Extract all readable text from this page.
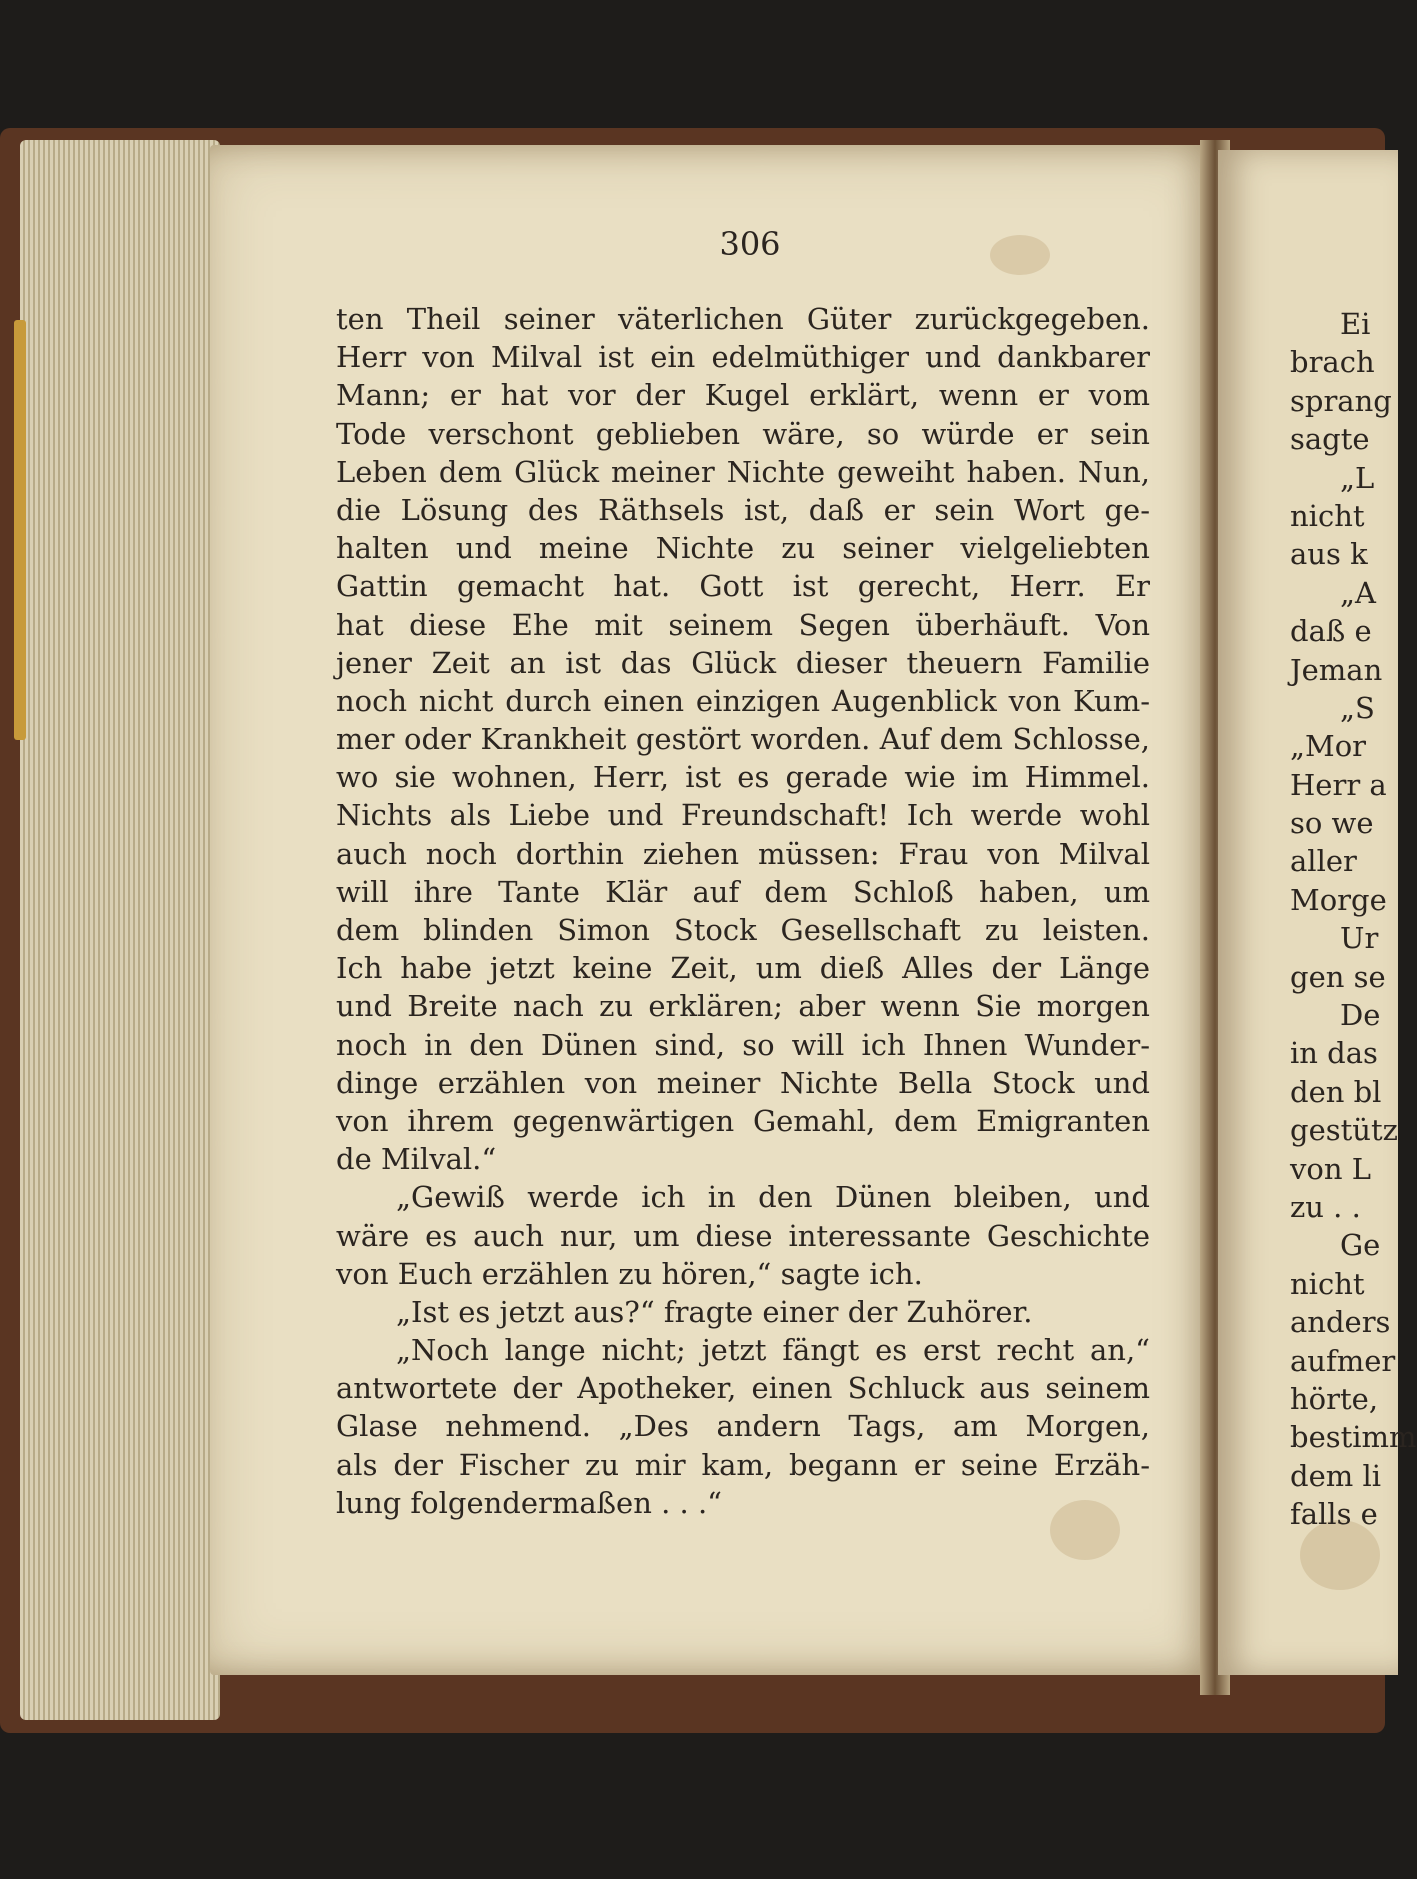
306
ten Theil seiner väterlichen Güter zurückgegeben.
Herr von Milval ist ein edelmüthiger und dankbarer
Mann; er hat vor der Kugel erklärt, wenn er vom
Tode verschont geblieben wäre, so würde er sein
Leben dem Glück meiner Nichte geweiht haben. Nun,
die Lösung des Räthsels ist, daß er sein Wort ge-
halten und meine Nichte zu seiner vielgeliebten
Gattin gemacht hat. Gott ist gerecht, Herr. Er
hat diese Ehe mit seinem Segen überhäuft. Von
jener Zeit an ist das Glück dieser theuern Familie
noch nicht durch einen einzigen Augenblick von Kum-
mer oder Krankheit gestört worden. Auf dem Schlosse,
wo sie wohnen, Herr, ist es gerade wie im Himmel.
Nichts als Liebe und Freundschaft! Ich werde wohl
auch noch dorthin ziehen müssen: Frau von Milval
will ihre Tante Klär auf dem Schloß haben, um
dem blinden Simon Stock Gesellschaft zu leisten.
Ich habe jetzt keine Zeit, um dieß Alles der Länge
und Breite nach zu erklären; aber wenn Sie morgen
noch in den Dünen sind, so will ich Ihnen Wunder-
dinge erzählen von meiner Nichte Bella Stock und
von ihrem gegenwärtigen Gemahl, dem Emigranten
de Milval.“
„Gewiß werde ich in den Dünen bleiben, und
wäre es auch nur, um diese interessante Geschichte
von Euch erzählen zu hören,“ sagte ich.
„Ist es jetzt aus?“ fragte einer der Zuhörer.
„Noch lange nicht; jetzt fängt es erst recht an,“
antwortete der Apotheker, einen Schluck aus seinem
Glase nehmend. „Des andern Tags, am Morgen,
als der Fischer zu mir kam, begann er seine Erzäh-
lung folgendermaßen . . .“
Ei
brach
sprang
sagte
„L
nicht
aus k
„A
daß e
Jeman
„S
„Mor
Herr a
so we
aller
Morge
Ur
gen se
De
in das
den bl
gestütz
von L
zu . .
Ge
nicht
anders
aufmer
hörte,
bestimm
dem li
falls e
